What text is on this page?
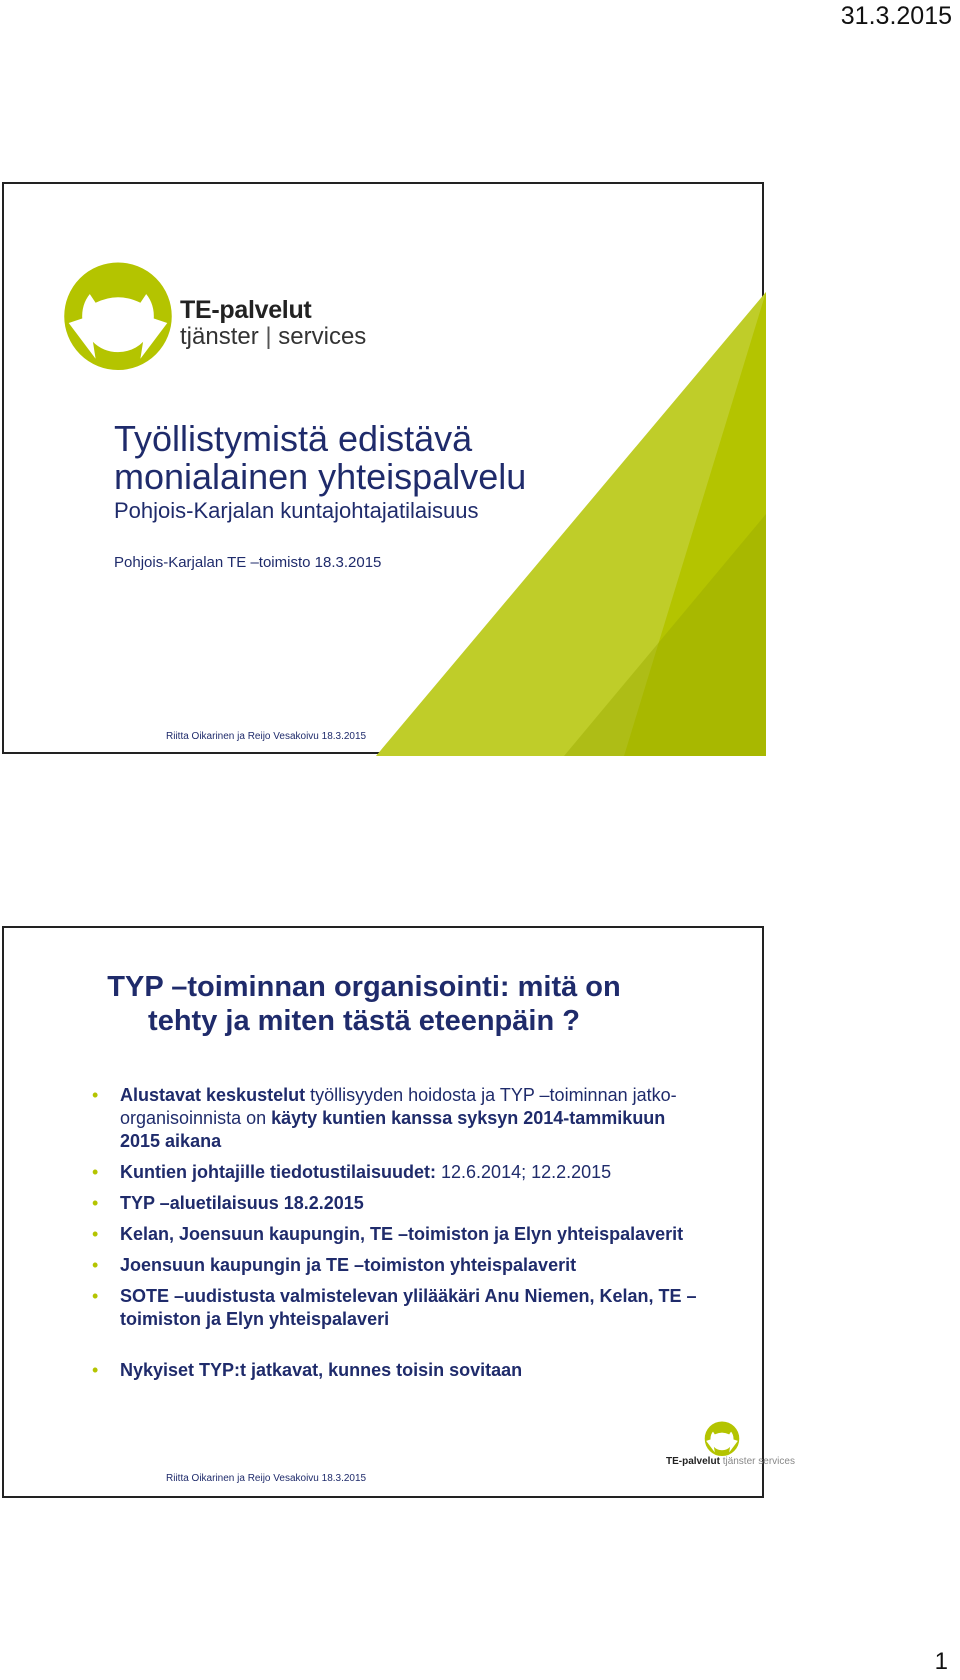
31.3.2015
TE-palvelut
tjänster | services
Työllistymistä edistävä
monialainen yhteispalvelu
Pohjois-Karjalan kuntajohtajatilaisuus
Pohjois-Karjalan TE –toimisto 18.3.2015
Riitta Oikarinen ja Reijo Vesakoivu 18.3.2015
TYP –toiminnan organisointi: mitä on
tehty ja miten tästä eteenpäin ?
• Alustavat keskustelut työllisyyden hoidosta ja TYP –toiminnan jatko-organisoinnista on käyty kuntien kanssa syksyn 2014-tammikuun 2015 aikana
• Kuntien johtajille tiedotustilaisuudet: 12.6.2014; 12.2.2015
• TYP –aluetilaisuus 18.2.2015
• Kelan, Joensuun kaupungin, TE –toimiston ja Elyn yhteispalaverit
• Joensuun kaupungin ja TE –toimiston yhteispalaverit
• SOTE –uudistusta valmistelevan ylilääkäri Anu Niemen, Kelan, TE –toimiston ja Elyn yhteispalaveri
• Nykyiset TYP:t jatkavat, kunnes toisin sovitaan
TE-palvelut tjänster services
Riitta Oikarinen ja Reijo Vesakoivu 18.3.2015
1
